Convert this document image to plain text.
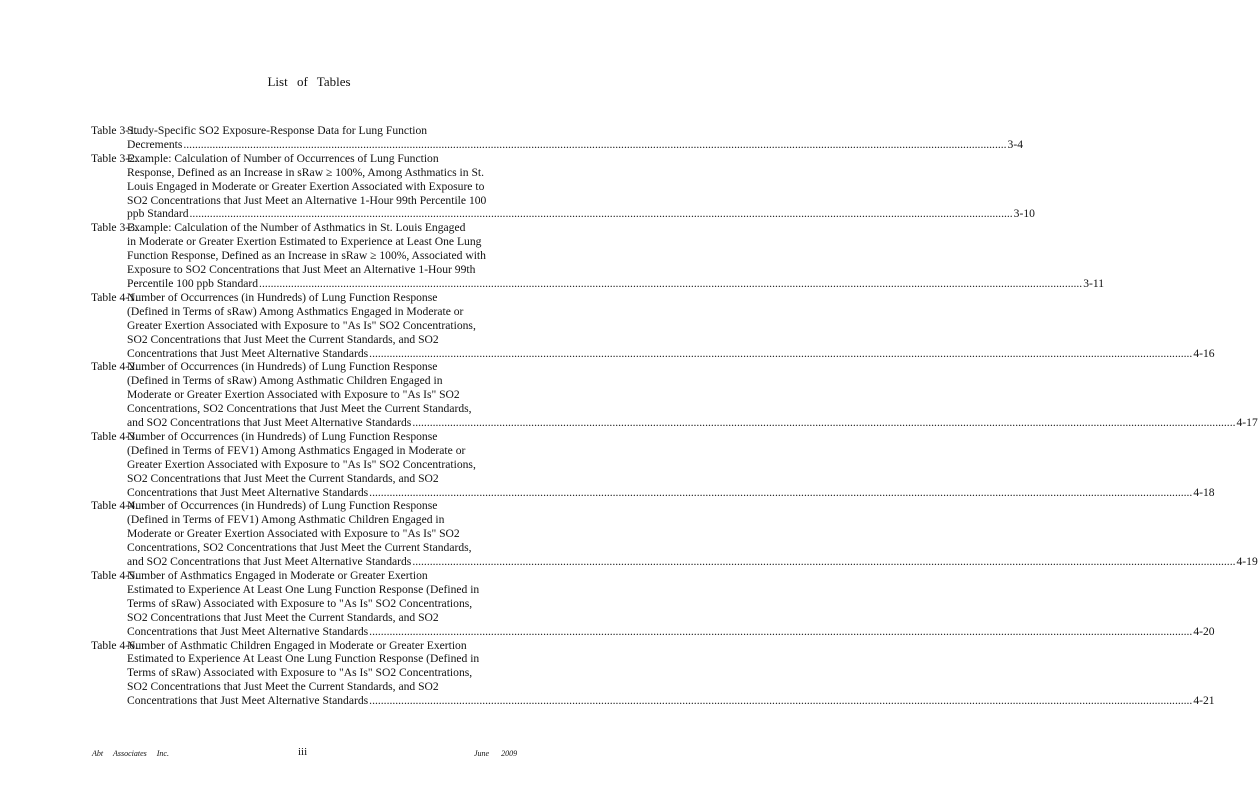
List of Tables
Table 3-1.
Study-Specific SO2 Exposure-Response Data for Lung Function
Decrements .....	3-4
Table 3-2.
Example: Calculation of Number of Occurrences of Lung Function
Response, Defined as an Increase in sRaw ≥ 100%, Among Asthmatics in St.
Louis Engaged in Moderate or Greater Exertion Associated with Exposure to
SO2 Concentrations that Just Meet an Alternative 1-Hour 99th Percentile 100
ppb Standard .....	3-10
Table 3-3.
Example: Calculation of the Number of Asthmatics in St. Louis Engaged
in Moderate or Greater Exertion Estimated to Experience at Least One Lung
Function Response, Defined as an Increase in sRaw ≥ 100%, Associated with
Exposure to SO2 Concentrations that Just Meet an Alternative 1-Hour 99th
Percentile 100 ppb Standard .....	3-11
Table 4-1.
Number of Occurrences (in Hundreds) of Lung Function Response
(Defined in Terms of sRaw) Among Asthmatics Engaged in Moderate or
Greater Exertion Associated with Exposure to "As Is" SO2 Concentrations,
SO2 Concentrations that Just Meet the Current Standards, and SO2
Concentrations that Just Meet Alternative Standards .....	4-16
Table 4-2.
Number of Occurrences (in Hundreds) of Lung Function Response
(Defined in Terms of sRaw) Among Asthmatic Children Engaged in
Moderate or Greater Exertion Associated with Exposure to "As Is" SO2
Concentrations, SO2 Concentrations that Just Meet the Current Standards,
and SO2 Concentrations that Just Meet Alternative Standards .....	4-17
Table 4-3.
Number of Occurrences (in Hundreds) of Lung Function Response
(Defined in Terms of FEV1) Among Asthmatics Engaged in Moderate or
Greater Exertion Associated with Exposure to "As Is" SO2 Concentrations,
SO2 Concentrations that Just Meet the Current Standards, and SO2
Concentrations that Just Meet Alternative Standards .....	4-18
Table 4-4.
Number of Occurrences (in Hundreds) of Lung Function Response
(Defined in Terms of FEV1) Among Asthmatic Children Engaged in
Moderate or Greater Exertion Associated with Exposure to "As Is" SO2
Concentrations, SO2 Concentrations that Just Meet the Current Standards,
and SO2 Concentrations that Just Meet Alternative Standards .....	4-19
Table 4-5.
Number of Asthmatics Engaged in Moderate or Greater Exertion
Estimated to Experience At Least One Lung Function Response (Defined in
Terms of sRaw) Associated with Exposure to "As Is" SO2 Concentrations,
SO2 Concentrations that Just Meet the Current Standards, and SO2
Concentrations that Just Meet Alternative Standards .....	4-20
Table 4-6.
Number of Asthmatic Children Engaged in Moderate or Greater Exertion
Estimated to Experience At Least One Lung Function Response (Defined in
Terms of sRaw) Associated with Exposure to "As Is" SO2 Concentrations,
SO2 Concentrations that Just Meet the Current Standards, and SO2
Concentrations that Just Meet Alternative Standards .....	4-21
Abt Associates Inc.	iii	June 2009
